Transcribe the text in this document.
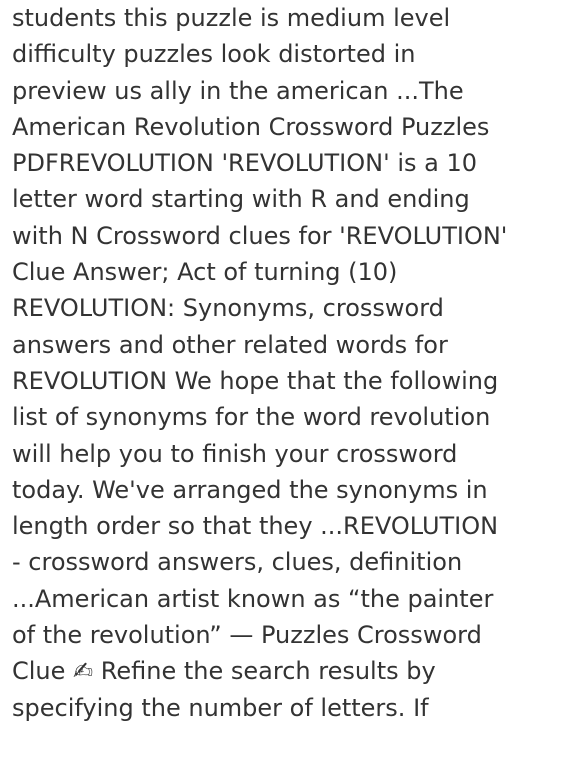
students this puzzle is medium level
difficulty puzzles look distorted in
preview us ally in the american ...The
American Revolution Crossword Puzzles
PDFREVOLUTION 'REVOLUTION' is a 10
letter word starting with R and ending
with N Crossword clues for 'REVOLUTION'
Clue Answer; Act of turning (10)
REVOLUTION: Synonyms, crossword
answers and other related words for
REVOLUTION We hope that the following
list of synonyms for the word revolution
will help you to finish your crossword
today. We've arranged the synonyms in
length order so that they ...REVOLUTION
- crossword answers, clues, definition
...American artist known as “the painter
of the revolution” — Puzzles Crossword
Clue ✍ Refine the search results by
specifying the number of letters. If
